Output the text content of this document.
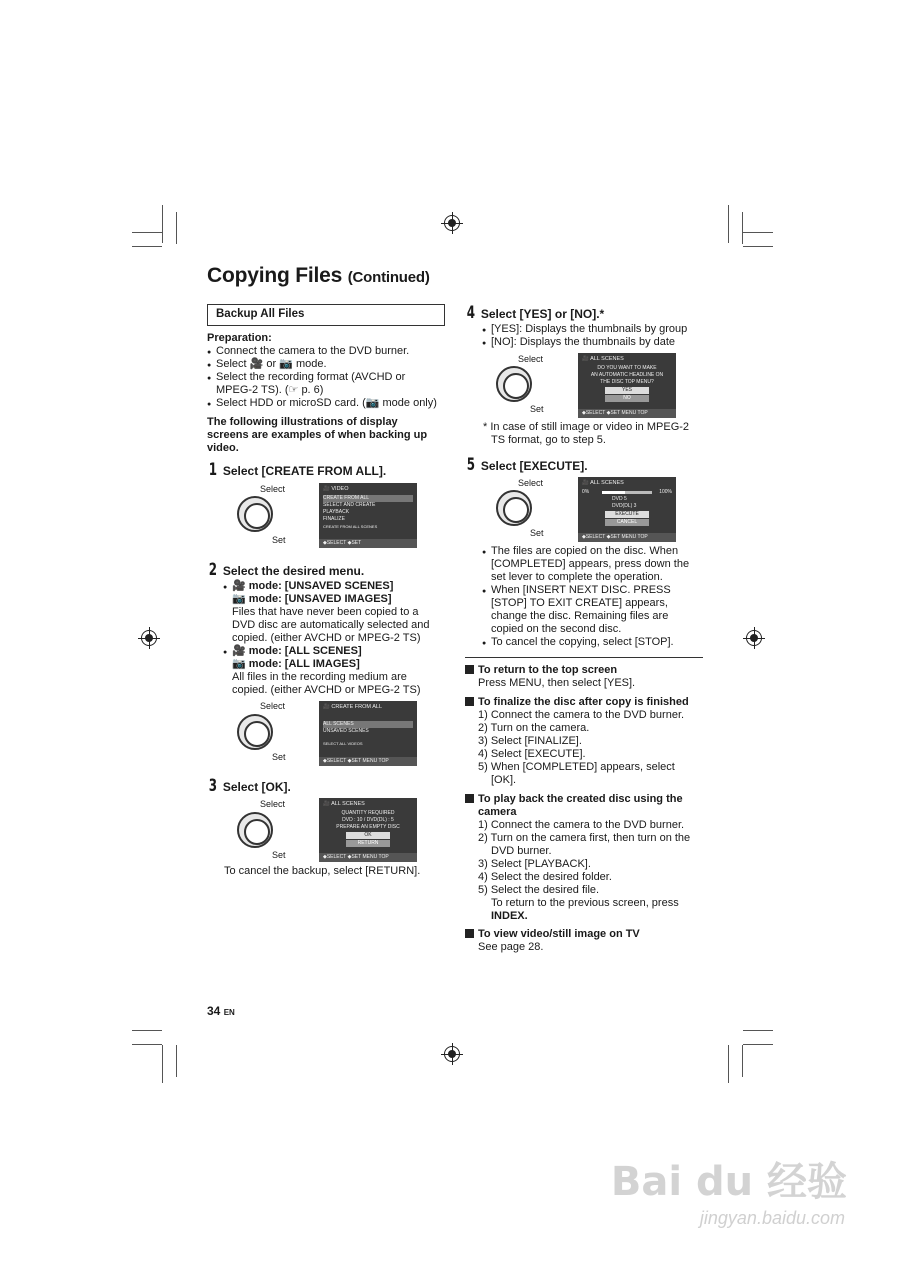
Copying Files (Continued)
Backup All Files
Preparation:
● Connect the camera to the DVD burner.
● Select 🎥 or 📷 mode.
● Select the recording format (AVCHD or
MPEG-2 TS). (☞ p. 6)
● Select HDD or microSD card. (📷 mode only)
The following illustrations of display
screens are examples of when backing up
video.
1 Select [CREATE FROM ALL].
Select
Set
🎥 VIDEO
CREATE FROM ALL
SELECT AND CREATE
PLAYBACK
FINALIZE
CREATE FROM ALL SCENES
◆SELECT ◆SET
2 Select the desired menu.
● 🎥 mode: [UNSAVED SCENES]
📷 mode: [UNSAVED IMAGES]
Files that have never been copied to a
DVD disc are automatically selected and
copied. (either AVCHD or MPEG-2 TS)
● 🎥 mode: [ALL SCENES]
📷 mode: [ALL IMAGES]
All files in the recording medium are
copied. (either AVCHD or MPEG-2 TS)
Select
Set
🎥 CREATE FROM ALL
ALL SCENES
UNSAVED SCENES
SELECT ALL VIDEOS
◆SELECT ◆SET MENU TOP
3 Select [OK].
Select
Set
🎥 ALL SCENES
QUANTITY REQUIRED
DVD : 10 / DVD(DL) : 5
PREPARE AN EMPTY DISC
OK
RETURN
◆SELECT ◆SET MENU TOP
To cancel the backup, select [RETURN].
4 Select [YES] or [NO].*
● [YES]: Displays the thumbnails by group
● [NO]: Displays the thumbnails by date
Select
Set
🎥 ALL SCENES
DO YOU WANT TO MAKE
AN AUTOMATIC HEADLINE ON
THE DISC TOP MENU?
YES
NO
◆SELECT ◆SET MENU TOP
* In case of still image or video in MPEG-2
TS format, go to step 5.
5 Select [EXECUTE].
Select
Set
🎥 ALL SCENES
0%	100%
DVD 5
DVD(DL) 3
EXECUTE
CANCEL
◆SELECT ◆SET MENU TOP
● The files are copied on the disc. When
[COMPLETED] appears, press down the
set lever to complete the operation.
● When [INSERT NEXT DISC. PRESS
[STOP] TO EXIT CREATE] appears,
change the disc. Remaining files are
copied on the second disc.
● To cancel the copying, select [STOP].
To return to the top screen
Press MENU, then select [YES].
To finalize the disc after copy is finished
1) Connect the camera to the DVD burner.
2) Turn on the camera.
3) Select [FINALIZE].
4) Select [EXECUTE].
5) When [COMPLETED] appears, select
[OK].
To play back the created disc using the
camera
1) Connect the camera to the DVD burner.
2) Turn on the camera first, then turn on the
DVD burner.
3) Select [PLAYBACK].
4) Select the desired folder.
5) Select the desired file.
To return to the previous screen, press
INDEX.
To view video/still image on TV
See page 28.
34 EN
Bai du 经验
jingyan.baidu.com
